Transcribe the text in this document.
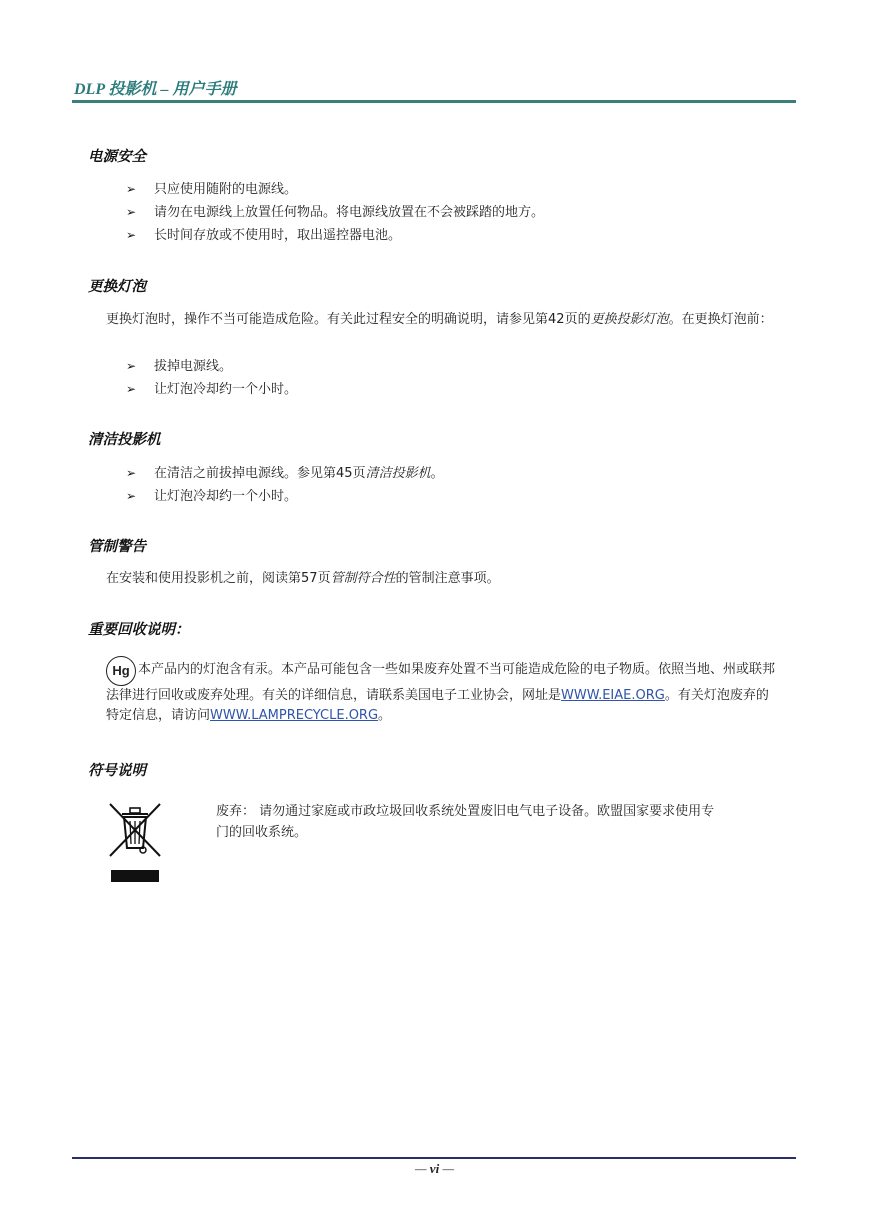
DLP 投影机 – 用户手册
电源安全
➢ 只应使用随附的电源线。
➢ 请勿在电源线上放置任何物品。将电源线放置在不会被踩踏的地方。
➢ 长时间存放或不使用时，取出遥控器电池。
更换灯泡

更换灯泡时，操作不当可能造成危险。有关此过程安全的明确说明，请参见第42页的更换投影灯泡。在更换灯泡前：

➢ 拔掉电源线。
➢ 让灯泡冷却约一个小时。
清洁投影机
➢ 在清洁之前拔掉电源线。参见第45页清洁投影机。
➢ 让灯泡冷却约一个小时。
管制警告

在安装和使用投影机之前，阅读第57页管制符合性的管制注意事项。

重要回收说明：

Hg 本产品内的灯泡含有汞。本产品可能包含一些如果废弃处置不当可能造成危险的电子物质。依照当地、州或联邦法律进行回收或废弃处理。有关的详细信息，请联系美国电子工业协会，网址是WWW.EIAE.ORG。有关灯泡废弃的特定信息，请访问WWW.LAMPRECYCLE.ORG。

符号说明

废弃： 请勿通过家庭或市政垃圾回收系统处置废旧电气电子设备。欧盟国家要求使用专门的回收系统。

— vi —
